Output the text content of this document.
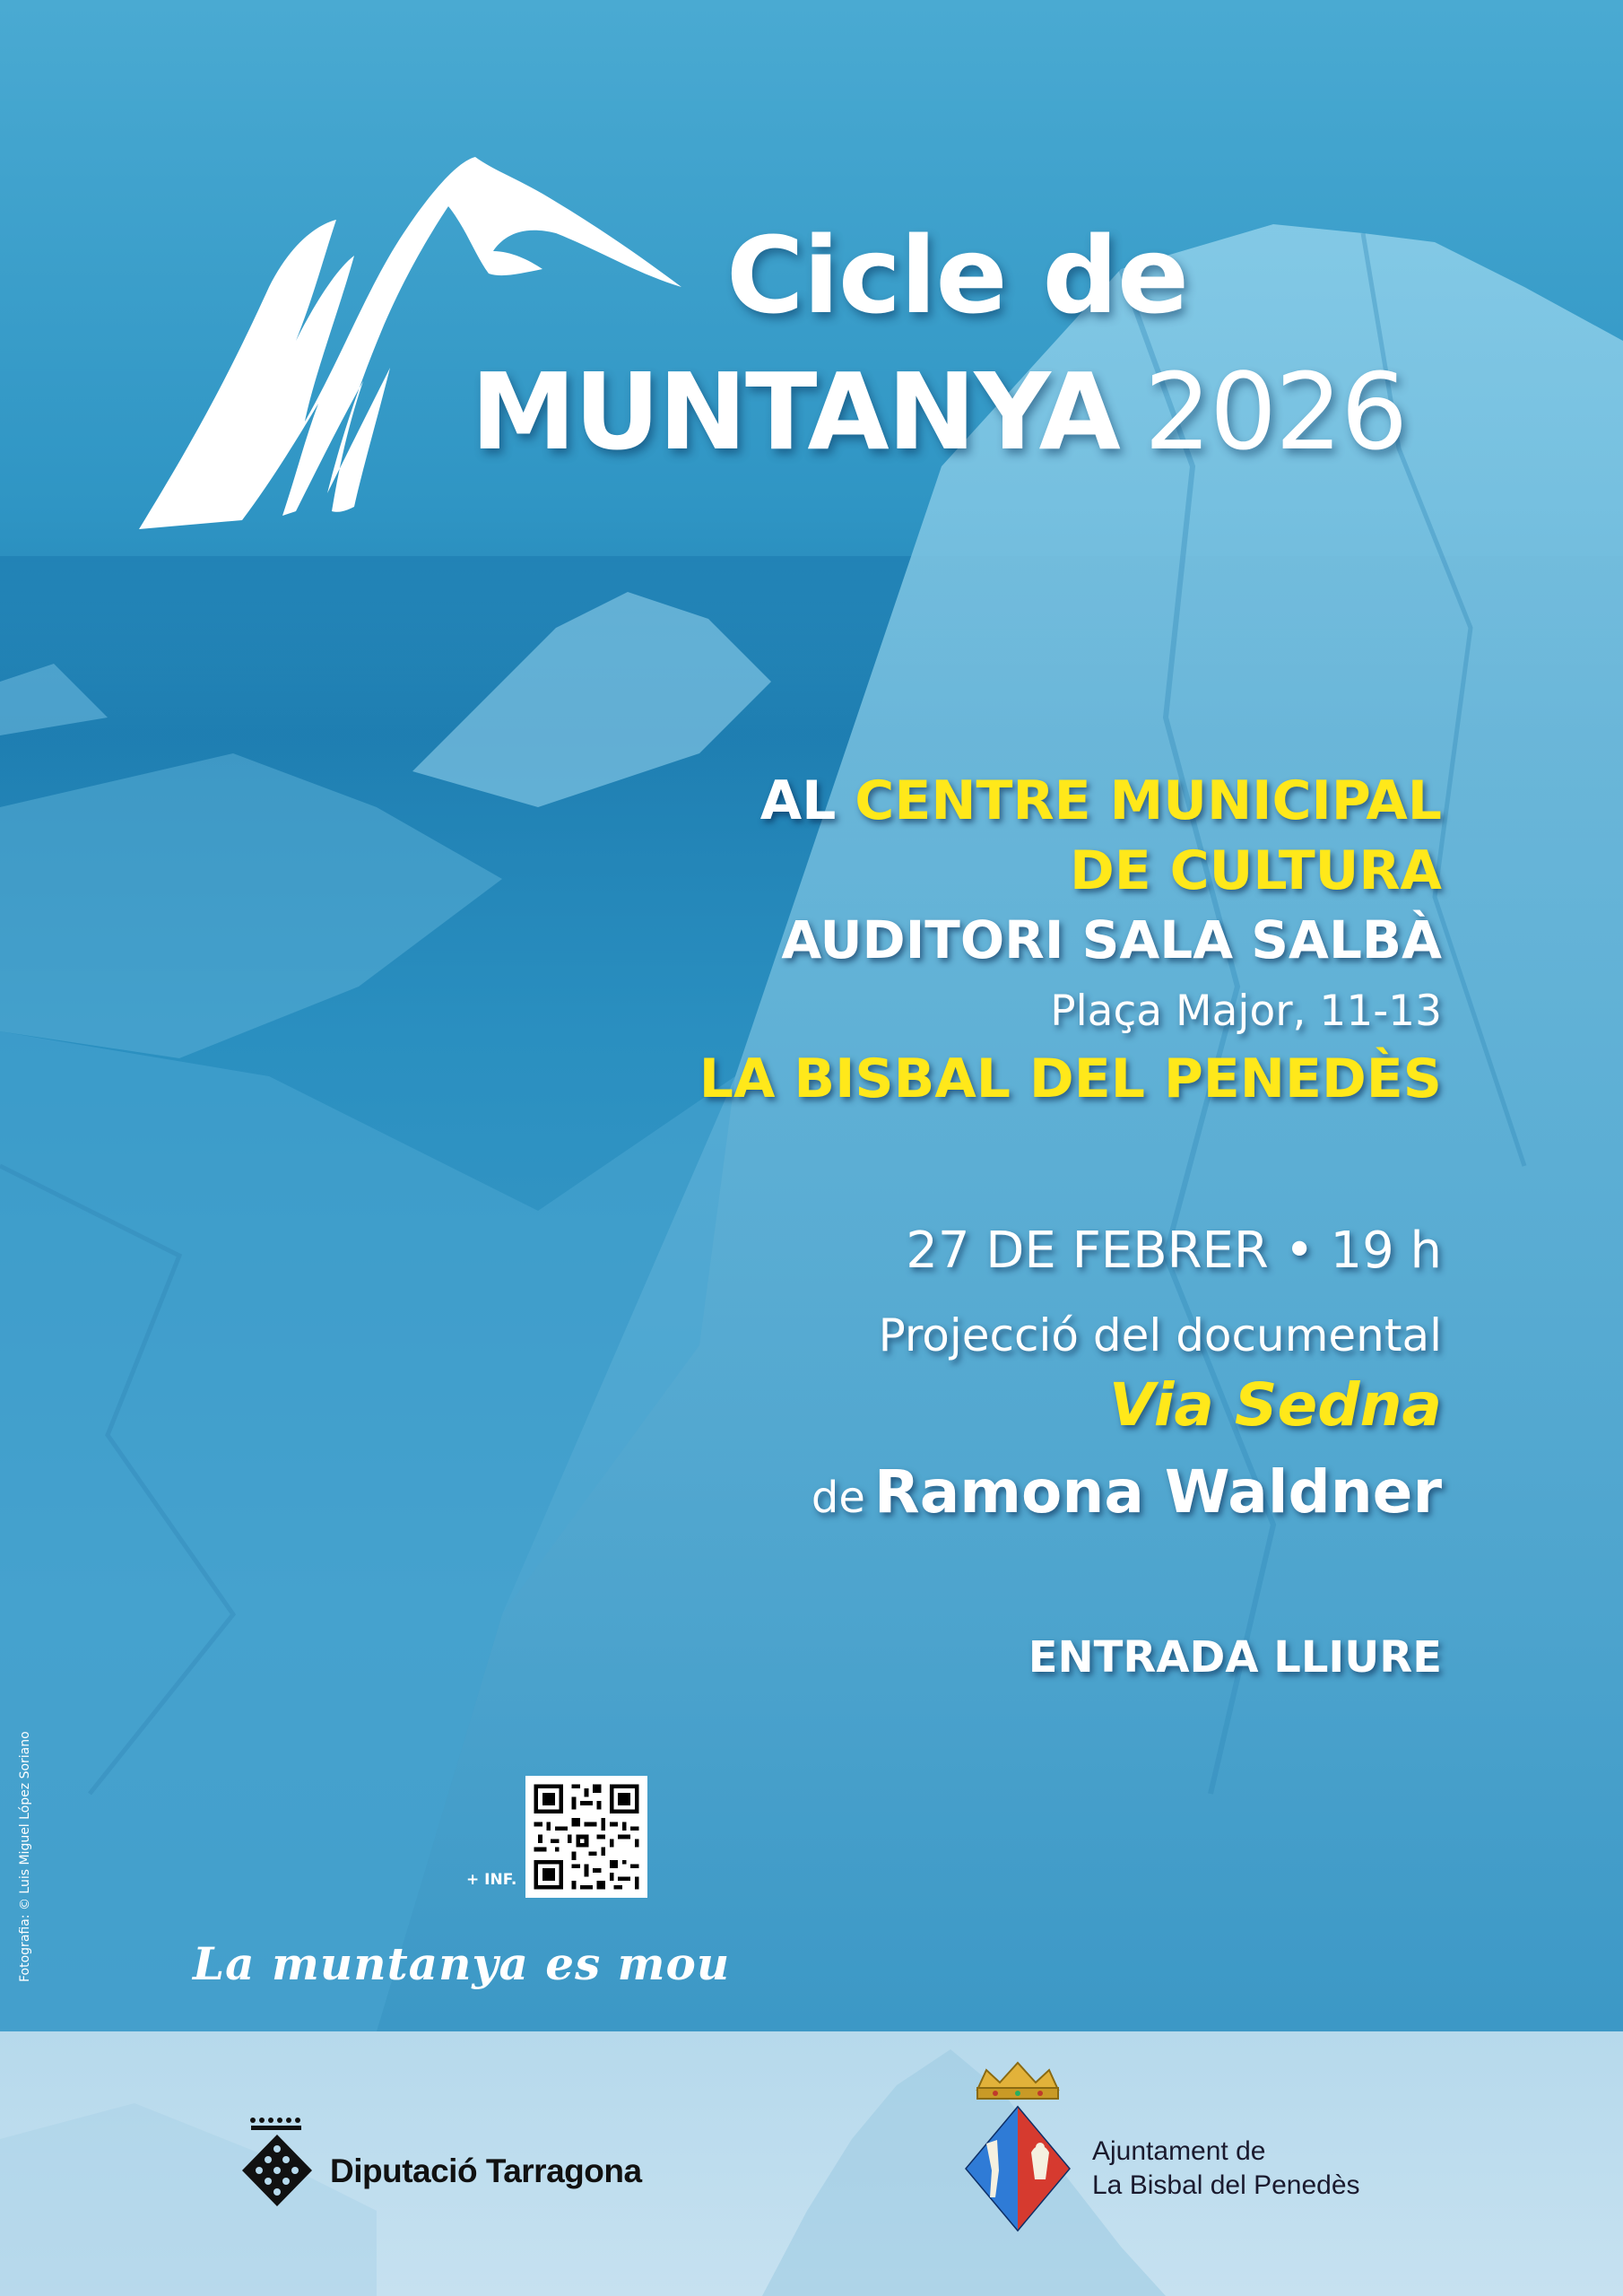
Cicle de
MUNTANYA 2026
AL CENTRE MUNICIPAL
DE CULTURA
AUDITORI SALA SALBÀ
Plaça Major, 11-13
LA BISBAL DEL PENEDÈS
27 DE FEBRER • 19 h
Projecció del documental
Via Sedna
de Ramona Waldner
ENTRADA LLIURE
Fotografia: © Luis Miguel López Soriano	+ INF.
La muntanya es mou
Diputació Tarragona
Ajuntament de
La Bisbal del Penedès
